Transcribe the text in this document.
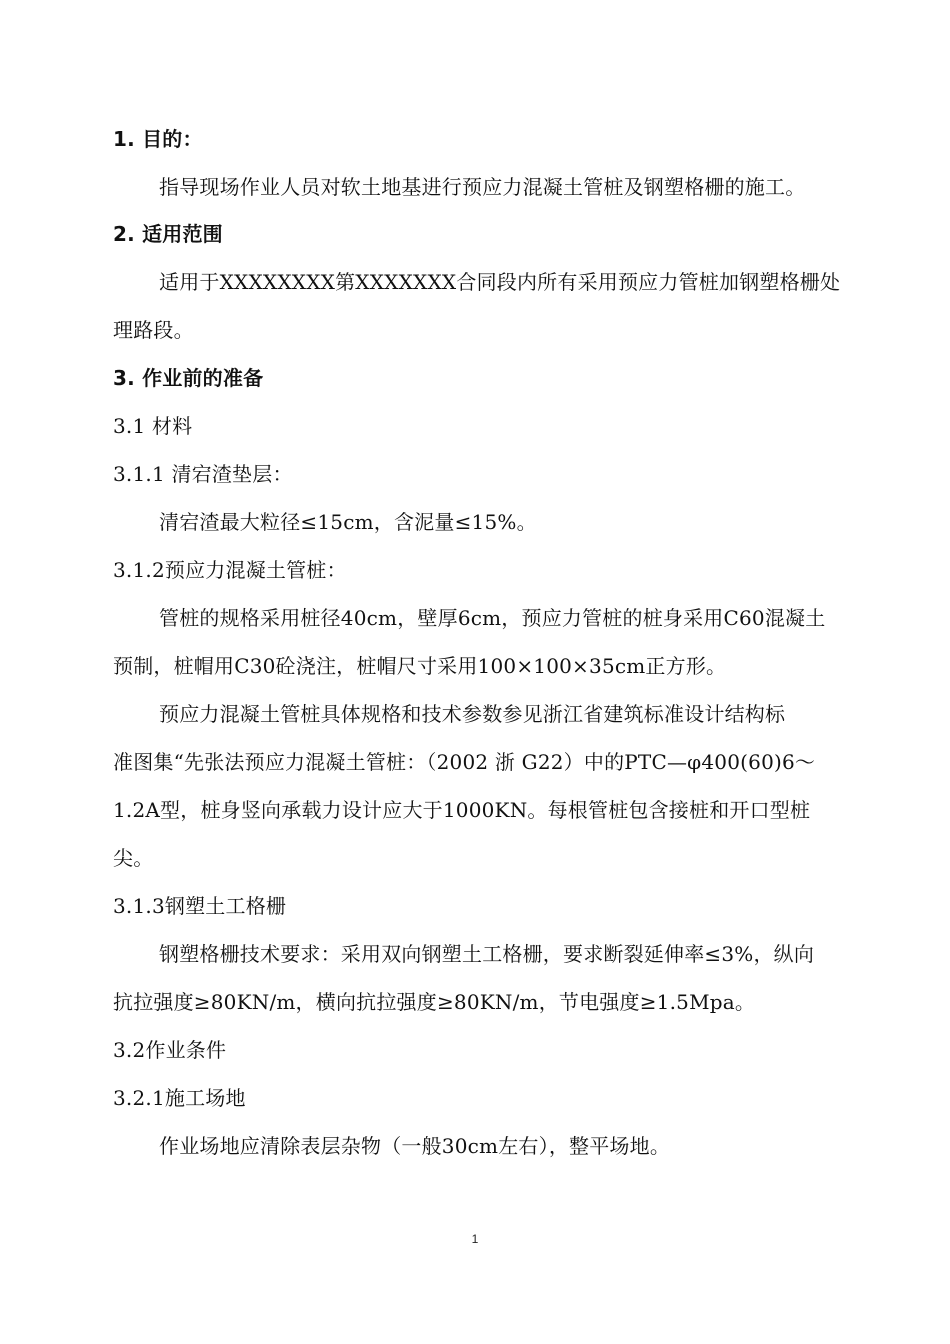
1. 目的：
指导现场作业人员对软土地基进行预应力混凝土管桩及钢塑格栅的施工。
2. 适用范围
适用于XXXXXXXX第XXXXXXX合同段内所有采用预应力管桩加钢塑格栅处
理路段。
3. 作业前的准备
3.1 材料
3.1.1 清宕渣垫层：
清宕渣最大粒径≤15cm，含泥量≤15%。
3.1.2预应力混凝土管桩：
管桩的规格采用桩径40cm，壁厚6cm，预应力管桩的桩身采用C60混凝土
预制，桩帽用C30砼浇注，桩帽尺寸采用100×100×35cm正方形。
预应力混凝土管桩具体规格和技术参数参见浙江省建筑标准设计结构标
准图集“先张法预应力混凝土管桩：（2002 浙 G22）中的PTC—φ400(60)6～
1.2A型，桩身竖向承载力设计应大于1000KN。每根管桩包含接桩和开口型桩
尖。
3.1.3钢塑土工格栅
钢塑格栅技术要求：采用双向钢塑土工格栅，要求断裂延伸率≤3%，纵向
抗拉强度≥80KN/m，横向抗拉强度≥80KN/m，节电强度≥1.5Mpa。
3.2作业条件
3.2.1施工场地
作业场地应清除表层杂物（一般30cm左右），整平场地。
1
